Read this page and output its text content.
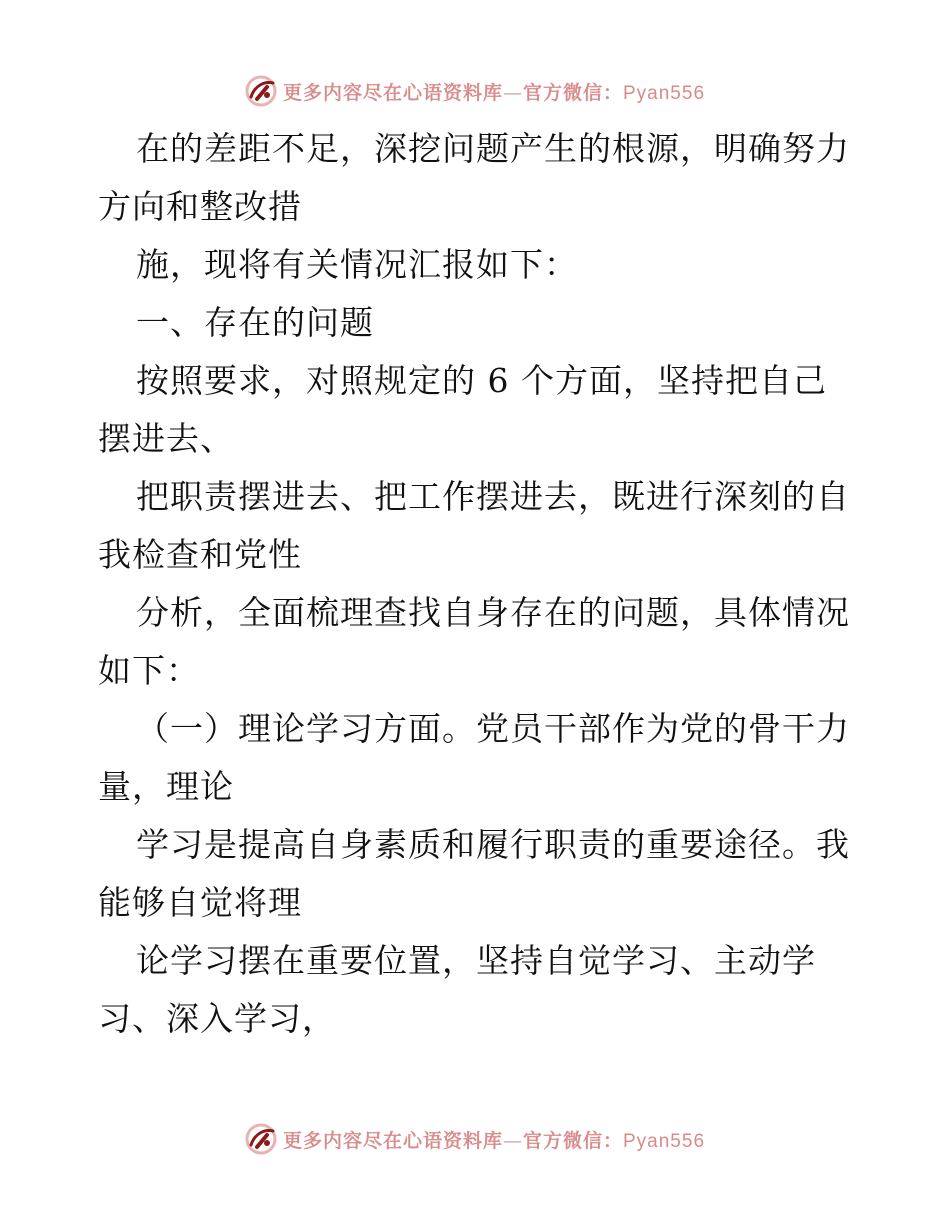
更多内容尽在心语资料库—官方微信：Pyan556
在的差距不足，深挖问题产生的根源，明确努力
方向和整改措
施，现将有关情况汇报如下：
一、存在的问题
按照要求，对照规定的 6 个方面，坚持把自己
摆进去、
把职责摆进去、把工作摆进去，既进行深刻的自
我检查和党性
分析，全面梳理查找自身存在的问题，具体情况
如下：
（一）理论学习方面。党员干部作为党的骨干力
量，理论
学习是提高自身素质和履行职责的重要途径。我
能够自觉将理
论学习摆在重要位置，坚持自觉学习、主动学
习、深入学习，
更多内容尽在心语资料库—官方微信：Pyan556
